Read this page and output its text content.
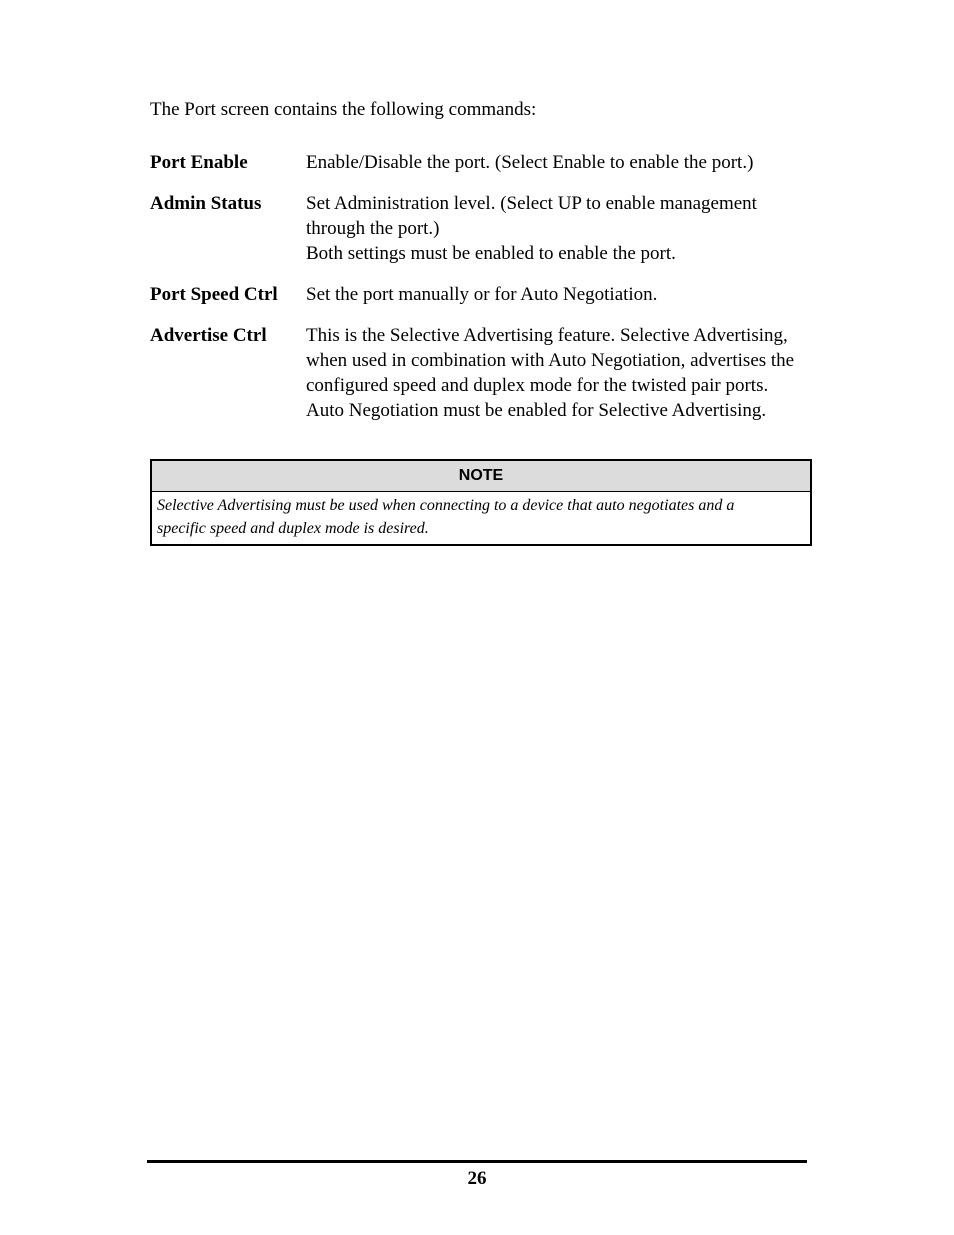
The Port screen contains the following commands:
Port Enable	Enable/Disable the port. (Select Enable to enable the port.)
Admin Status Set Administration level. (Select UP to enable management
through the port.)
Both settings must be enabled to enable the port.
Port Speed Ctrl Set the port manually or for Auto Negotiation.
Advertise Ctrl This is the Selective Advertising feature. Selective Advertising,
when used in combination with Auto Negotiation, advertises the
configured speed and duplex mode for the twisted pair ports.
Auto Negotiation must be enabled for Selective Advertising.
NOTE
Selective Advertising must be used when connecting to a device that auto negotiates and a
specific speed and duplex mode is desired.
26
